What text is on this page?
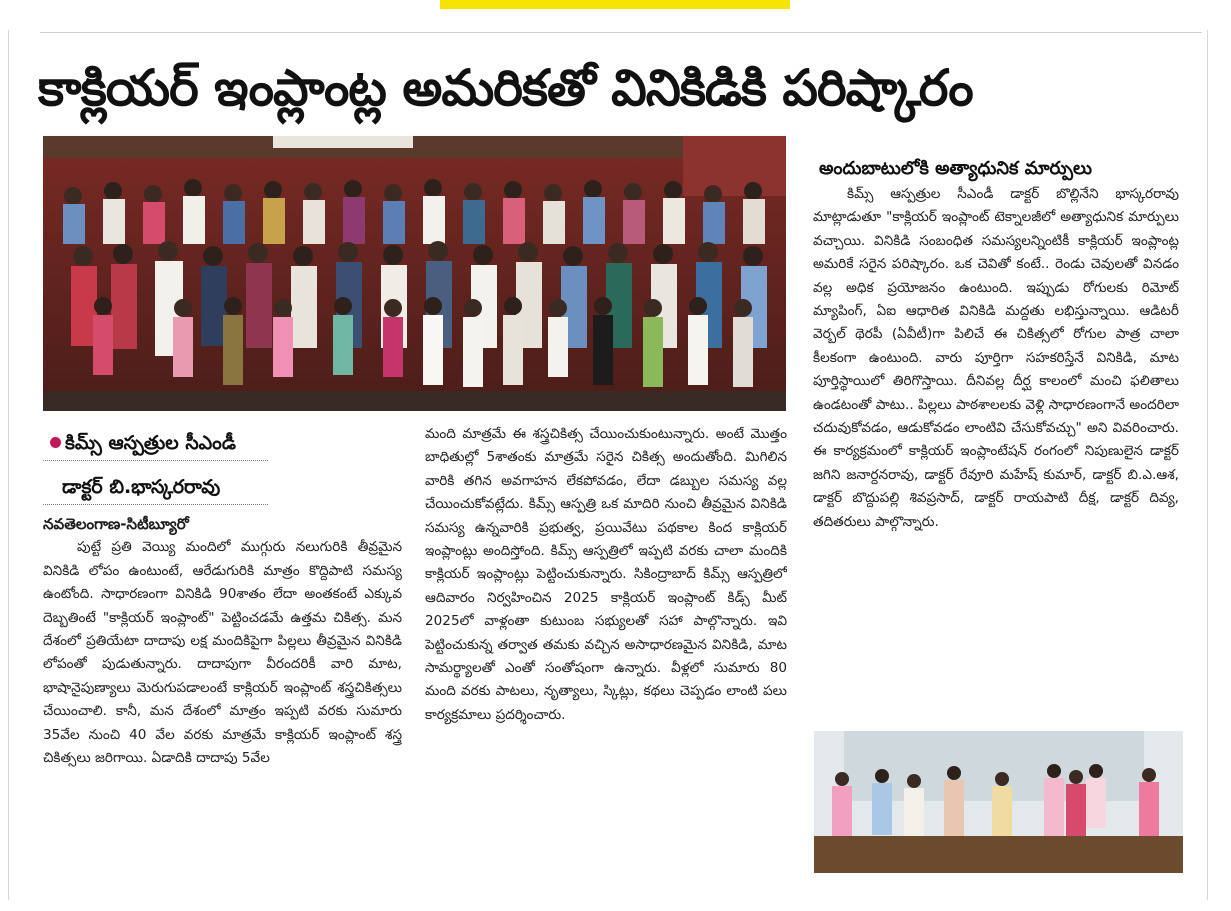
కాక్లియర్ ఇంప్లాంట్ల అమరికతో వినికిడికి పరిష్కారం
కిమ్స్ ఆస్పత్రుల సీఎండీ
డాక్టర్ బి.భాస్కరరావు

నవతెలంగాణ-సిటీబ్యూరో

పుట్టే ప్రతి వెయ్యి మందిలో ముగ్గురు నలుగురికి తీవ్రమైన వినికిడి లోపం ఉంటుంటే, ఆరేడుగురికి మాత్రం కొద్దిపాటి సమస్య ఉంటోంది. సాధారణంగా వినికిడి 90శాతం లేదా అంతకంటే ఎక్కువ దెబ్బతింటే "కాక్లియర్ ఇంప్లాంట్" పెట్టించడమే ఉత్తమ చికిత్స. మన దేశంలో ప్రతియేటా దాదాపు లక్ష మందికిపైగా పిల్లలు తీవ్రమైన వినికిడి లోపంతో పుడుతున్నారు. దాదాపుగా వీరందరికీ వారి మాట, భాషానైపుణ్యాలు మెరుగుపడాలంటే కాక్లియర్ ఇంప్లాంట్ శస్త్రచికిత్సలు చేయించాలి. కానీ, మన దేశంలో మాత్రం ఇప్పటి వరకు సుమారు 35వేల నుంచి 40 వేల వరకు మాత్రమే కాక్లియర్ ఇంప్లాంట్ శస్త్ర చికిత్సలు జరిగాయి. ఏడాదికి దాదాపు 5వేల

మంది మాత్రమే ఈ శస్త్రచికిత్స చేయించుకుంటున్నారు. అంటే మొత్తం బాధితుల్లో 5శాతంకు మాత్రమే సరైన చికిత్స అందుతోంది. మిగిలిన వారికి తగిన అవగాహన లేకపోవడం, లేదా డబ్బుల సమస్య వల్ల చేయించుకోవట్లేదు. కిమ్స్ ఆస్పత్రి ఒక మాదిరి నుంచి తీవ్రమైన వినికిడి సమస్య ఉన్నవారికి ప్రభుత్వ, ప్రయివేటు పథకాల కింద కాక్లియర్ ఇంప్లాంట్లు అందిస్తోంది. కిమ్స్ ఆస్పత్రిలో ఇప్పటి వరకు చాలా మందికి కాక్లియర్ ఇంప్లాంట్లు పెట్టించుకున్నారు. సికింద్రాబాద్ కిమ్స్ ఆస్పత్రిలో ఆదివారం నిర్వహించిన 2025 కాక్లియర్ ఇంప్లాంట్ కిడ్స్ మీట్ 2025లో వాళ్లంతా కుటుంబ సభ్యులతో సహా పాల్గొన్నారు. ఇవి పెట్టించుకున్న తర్వాత తమకు వచ్చిన అసాధారణమైన వినికిడి, మాట సామర్థ్యాలతో ఎంతో సంతోషంగా ఉన్నారు. వీళ్లలో సుమారు 80 మంది వరకు పాటలు, నృత్యాలు, స్కిట్లు, కథలు చెప్పడం లాంటి పలు కార్యక్రమాలు ప్రదర్శించారు.

అందుబాటులోకి అత్యాధునిక మార్పులు

కిమ్స్ ఆస్పత్రుల సీఎండీ డాక్టర్ బొల్లినేని భాస్కరరావు మాట్లాడుతూ "కాక్లియర్ ఇంప్లాంట్ టెక్నాలజీలో అత్యాధునిక మార్పులు వచ్చాయి. వినికిడి సంబంధిత సమస్యలన్నింటికీ కాక్లియర్ ఇంప్లాంట్ల అమరికే సరైన పరిష్కారం. ఒక చెవితో కంటే.. రెండు చెవులతో వినడం వల్ల అధిక ప్రయోజనం ఉంటుంది. ఇప్పుడు రోగులకు రిమోట్ మ్యాపింగ్, ఏఐ ఆధారిత వినికిడి మద్దతు లభిస్తున్నాయి. ఆడిటరీ వెర్బల్ థెరపీ (ఏవీటీ)గా పిలిచే ఈ చికిత్సలో రోగుల పాత్ర చాలా కీలకంగా ఉంటుంది. వారు పూర్తిగా సహకరిస్తేనే వినికిడి, మాట పూర్తిస్థాయిలో తిరిగొస్తాయి. దీనివల్ల దీర్ఘ కాలంలో మంచి ఫలితాలు ఉండటంతో పాటు.. పిల్లలు పాఠశాలలకు వెళ్లి సాధారణంగానే అందరిలా చదువుకోవడం, ఆడుకోవడం లాంటివి చేసుకోవచ్చు" అని వివరించారు. ఈ కార్యక్రమంలో కాక్లియర్ ఇంప్లాంటేషన్ రంగంలో నిపుణులైన డాక్టర్ జగిని జనార్దనరావు, డాక్టర్ రేవూరి మహేష్ కుమార్, డాక్టర్ బి.ఎ.ఆశ, డాక్టర్ బొద్దుపల్లి శివప్రసాద్, డాక్టర్ రాయపాటి దీక్ష, డాక్టర్ దివ్య, తదితరులు పాల్గొన్నారు.
